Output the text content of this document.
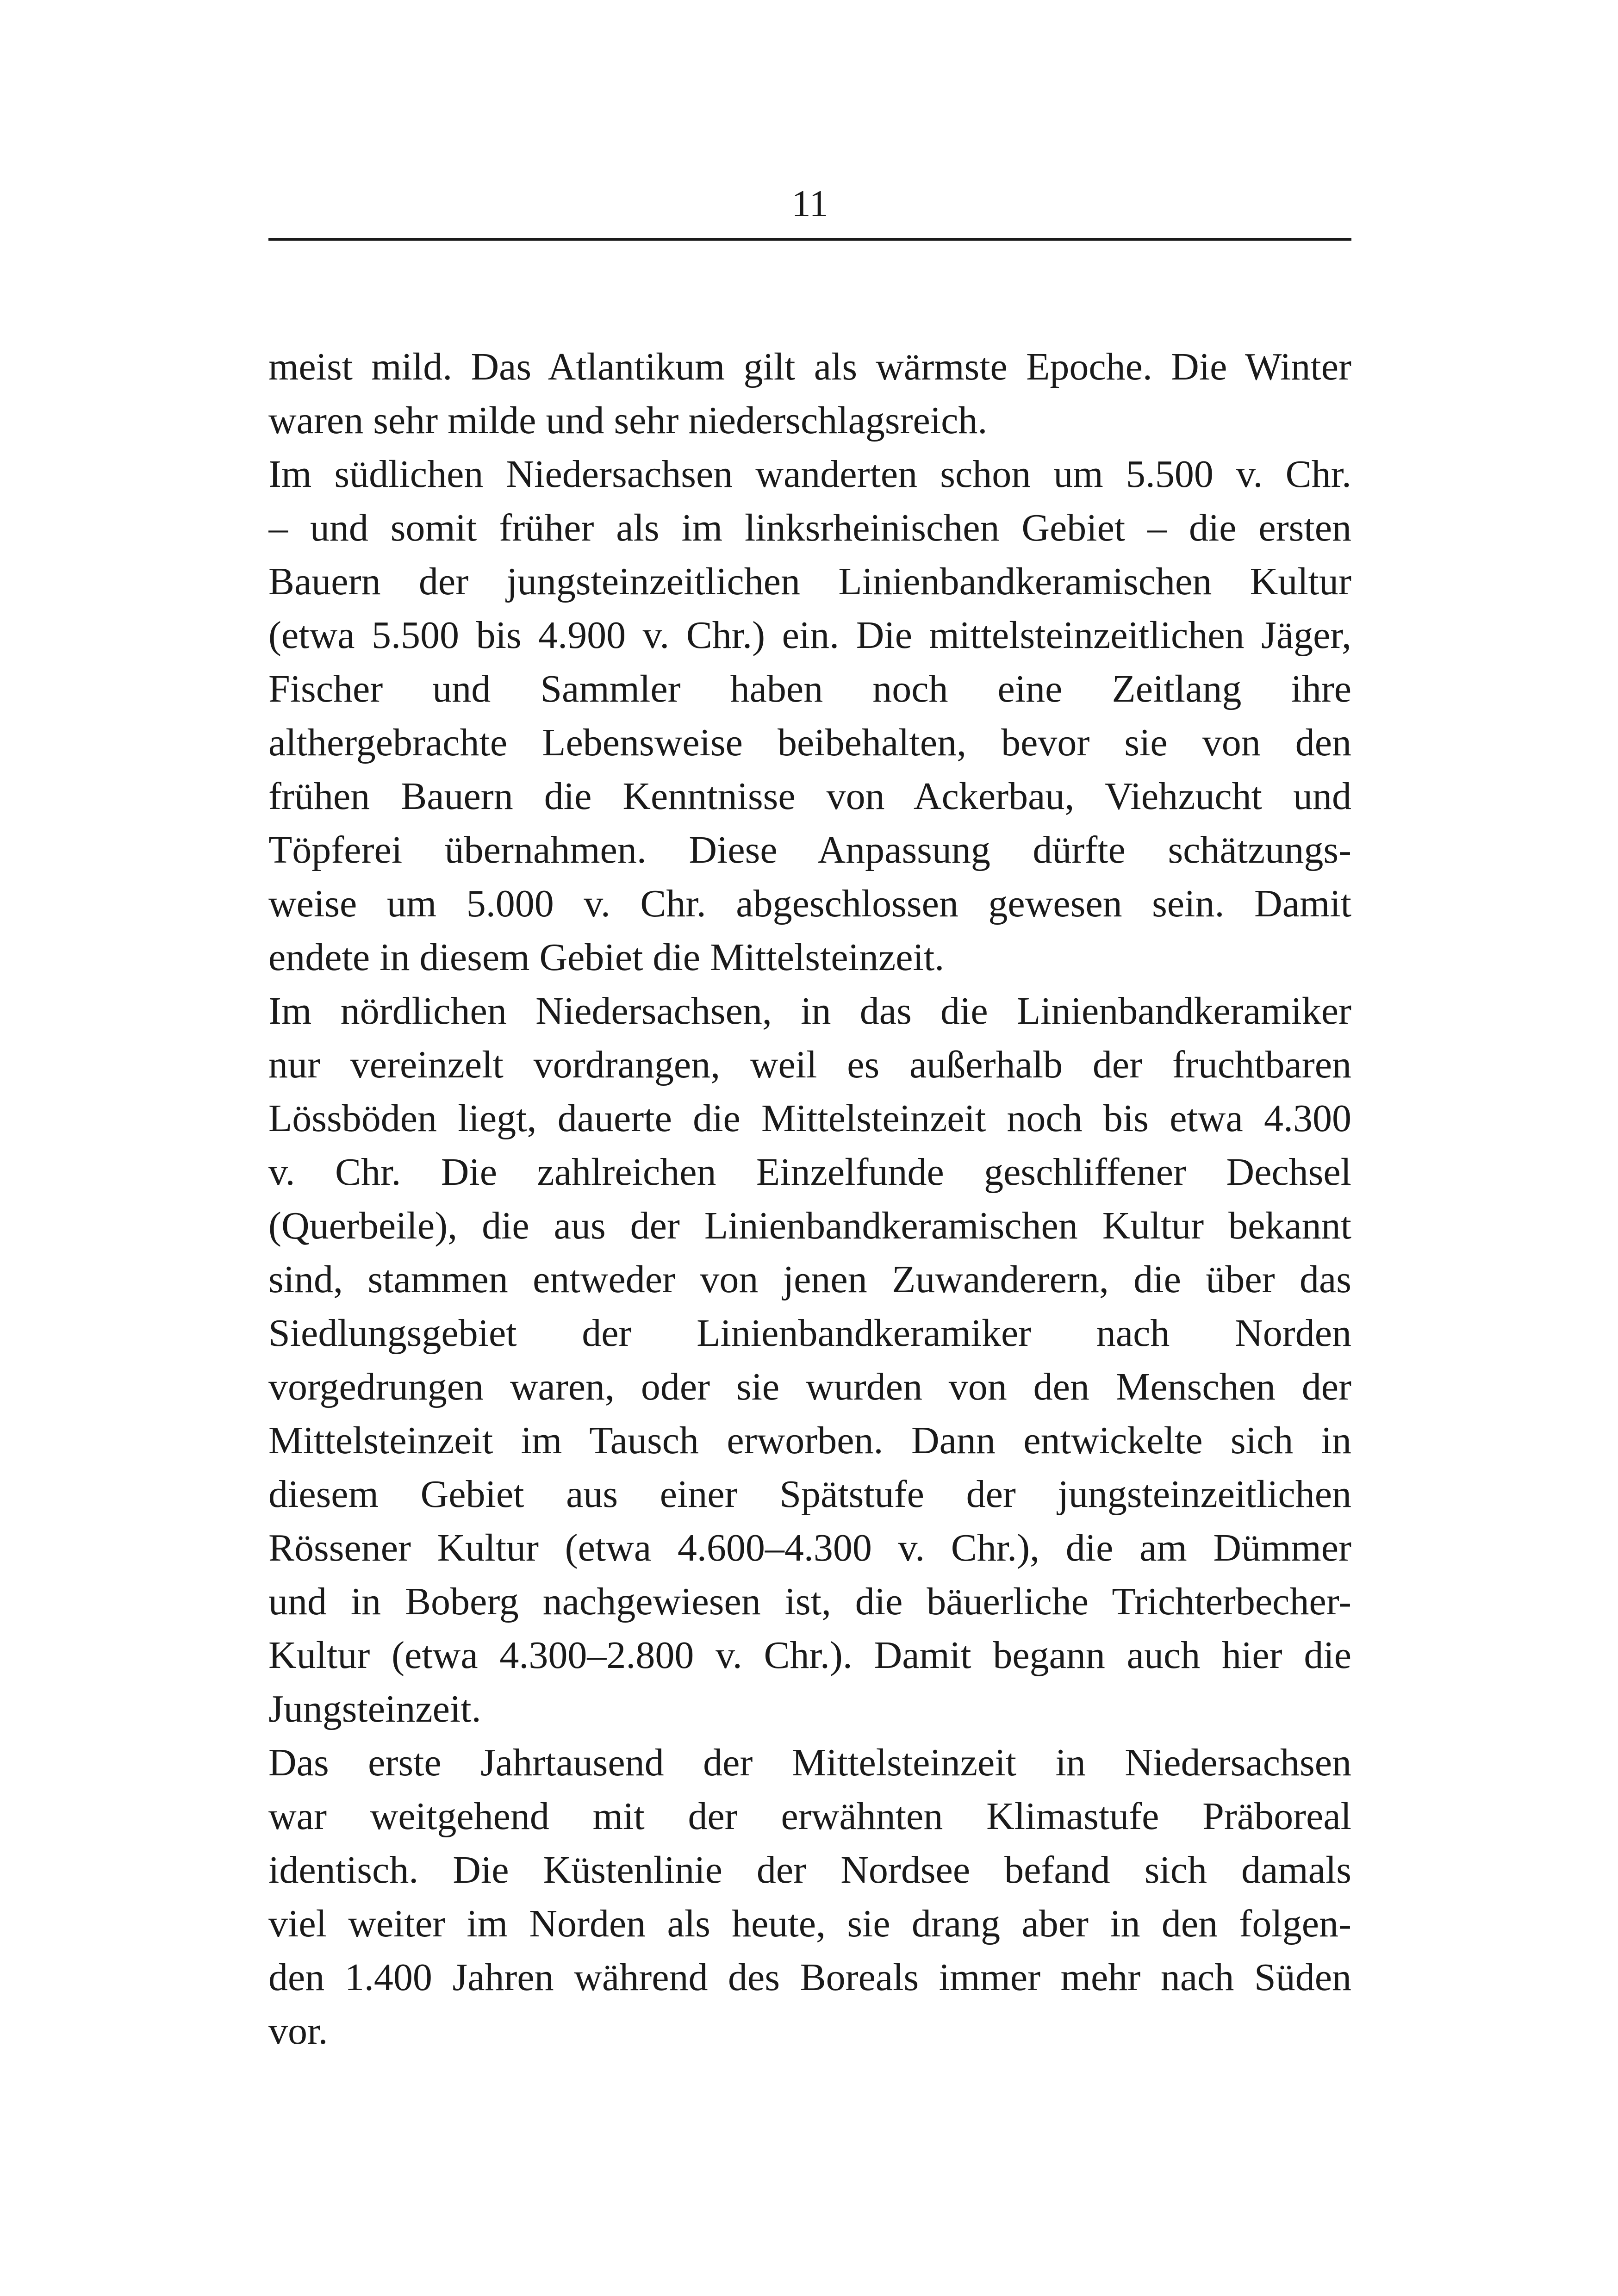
11
meist mild. Das Atlantikum gilt als wärmste Epoche. Die Winter
waren sehr milde und sehr niederschlagsreich.
Im südlichen Niedersachsen wanderten schon um 5.500 v. Chr.
– und somit früher als im linksrheinischen Gebiet – die ersten
Bauern der jungsteinzeitlichen Linienbandkeramischen Kultur
(etwa 5.500 bis 4.900 v. Chr.) ein. Die mittelsteinzeitlichen Jäger,
Fischer und Sammler haben noch eine Zeitlang ihre
althergebrachte Lebensweise beibehalten, bevor sie von den
frühen Bauern die Kenntnisse von Ackerbau, Viehzucht und
Töpferei übernahmen. Diese Anpassung dürfte schätzungs-
weise um 5.000 v. Chr. abgeschlossen gewesen sein. Damit
endete in diesem Gebiet die Mittelsteinzeit.
Im nördlichen Niedersachsen, in das die Linienbandkeramiker
nur vereinzelt vordrangen, weil es außerhalb der fruchtbaren
Lössböden liegt, dauerte die Mittelsteinzeit noch bis etwa 4.300
v. Chr. Die zahlreichen Einzelfunde geschliffener Dechsel
(Querbeile), die aus der Linienbandkeramischen Kultur bekannt
sind, stammen entweder von jenen Zuwanderern, die über das
Siedlungsgebiet der Linienbandkeramiker nach Norden
vorgedrungen waren, oder sie wurden von den Menschen der
Mittelsteinzeit im Tausch erworben. Dann entwickelte sich in
diesem Gebiet aus einer Spätstufe der jungsteinzeitlichen
Rössener Kultur (etwa 4.600–4.300 v. Chr.), die am Dümmer
und in Boberg nachgewiesen ist, die bäuerliche Trichterbecher-
Kultur (etwa 4.300–2.800 v. Chr.). Damit begann auch hier die
Jungsteinzeit.
Das erste Jahrtausend der Mittelsteinzeit in Niedersachsen
war weitgehend mit der erwähnten Klimastufe Präboreal
identisch. Die Küstenlinie der Nordsee befand sich damals
viel weiter im Norden als heute, sie drang aber in den folgen-
den 1.400 Jahren während des Boreals immer mehr nach Süden
vor.
